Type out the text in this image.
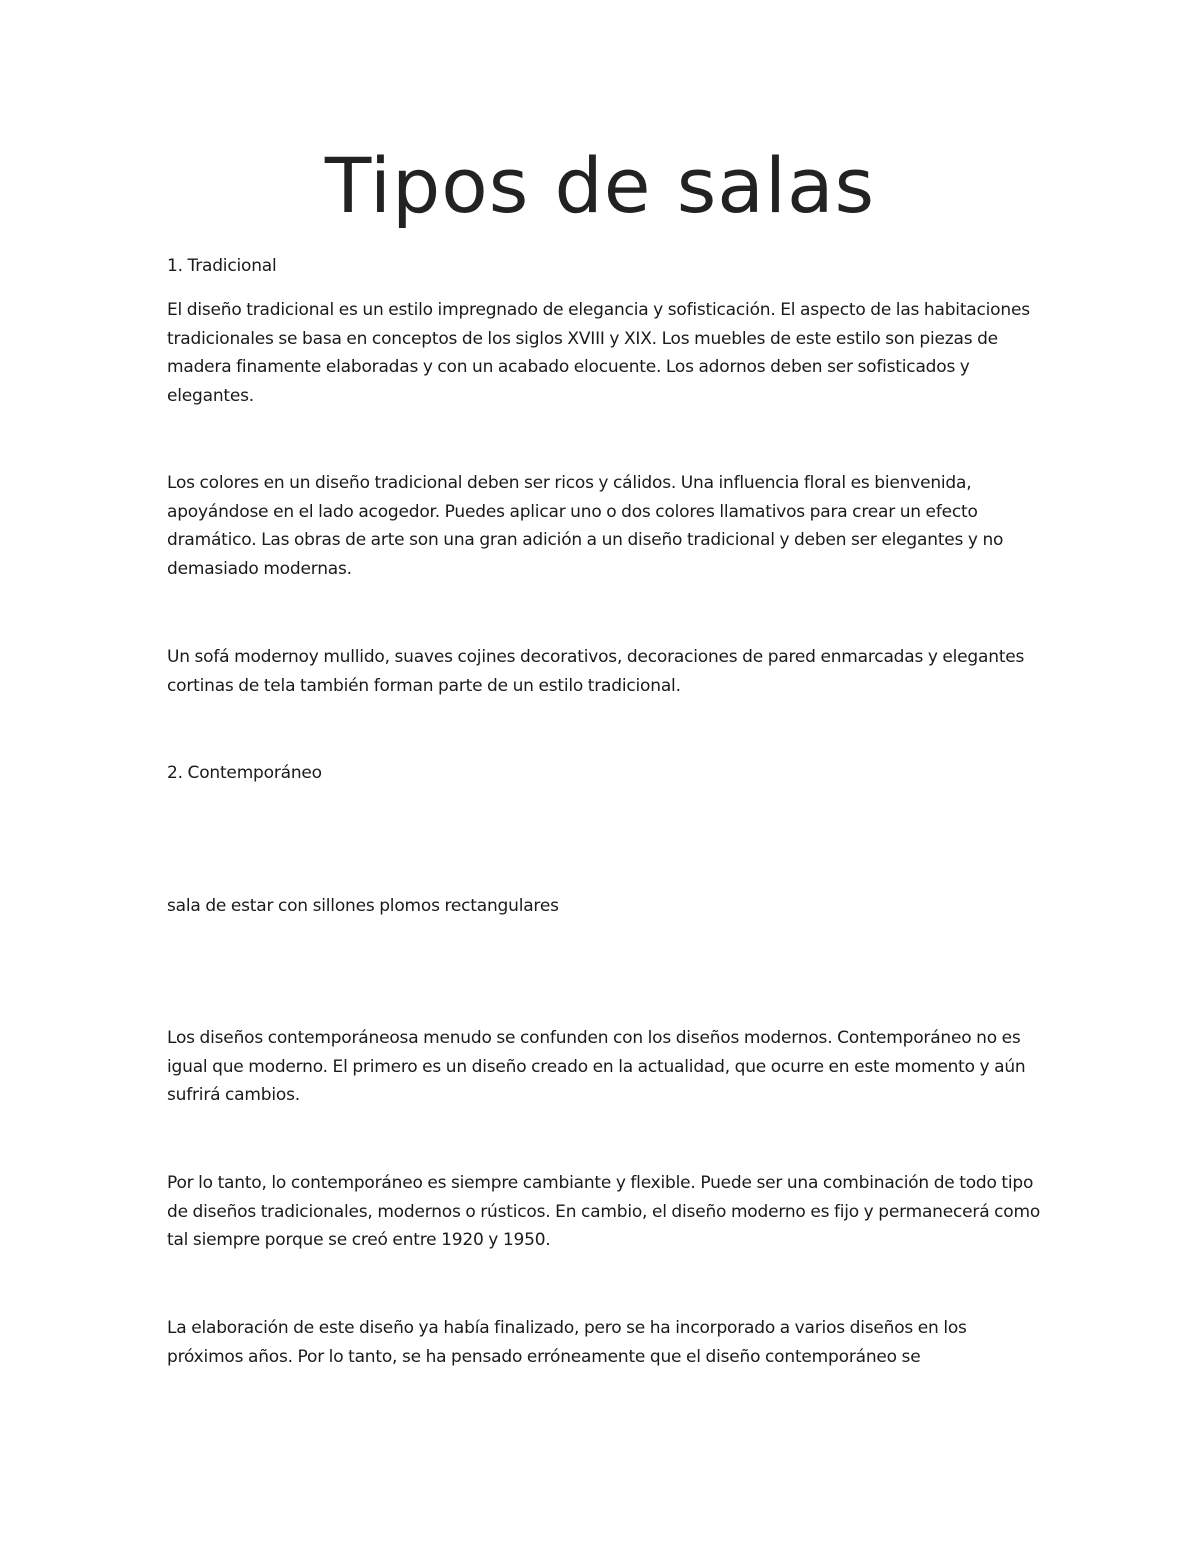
Tipos de salas

1. Tradicional

El diseño tradicional es un estilo impregnado de elegancia y sofisticación. El aspecto de las habitaciones tradicionales se basa en conceptos de los siglos XVIII y XIX. Los muebles de este estilo son piezas de madera finamente elaboradas y con un acabado elocuente. Los adornos deben ser sofisticados y elegantes.

Los colores en un diseño tradicional deben ser ricos y cálidos. Una influencia floral es bienvenida, apoyándose en el lado acogedor. Puedes aplicar uno o dos colores llamativos para crear un efecto dramático. Las obras de arte son una gran adición a un diseño tradicional y deben ser elegantes y no demasiado modernas.

Un sofá modernoy mullido, suaves cojines decorativos, decoraciones de pared enmarcadas y elegantes cortinas de tela también forman parte de un estilo tradicional.

2. Contemporáneo

sala de estar con sillones plomos rectangulares

Los diseños contemporáneosa menudo se confunden con los diseños modernos. Contemporáneo no es igual que moderno. El primero es un diseño creado en la actualidad, que ocurre en este momento y aún sufrirá cambios.

Por lo tanto, lo contemporáneo es siempre cambiante y flexible. Puede ser una combinación de todo tipo de diseños tradicionales, modernos o rústicos. En cambio, el diseño moderno es fijo y permanecerá como tal siempre porque se creó entre 1920 y 1950.

La elaboración de este diseño ya había finalizado, pero se ha incorporado a varios diseños en los próximos años. Por lo tanto, se ha pensado erróneamente que el diseño contemporáneo se
